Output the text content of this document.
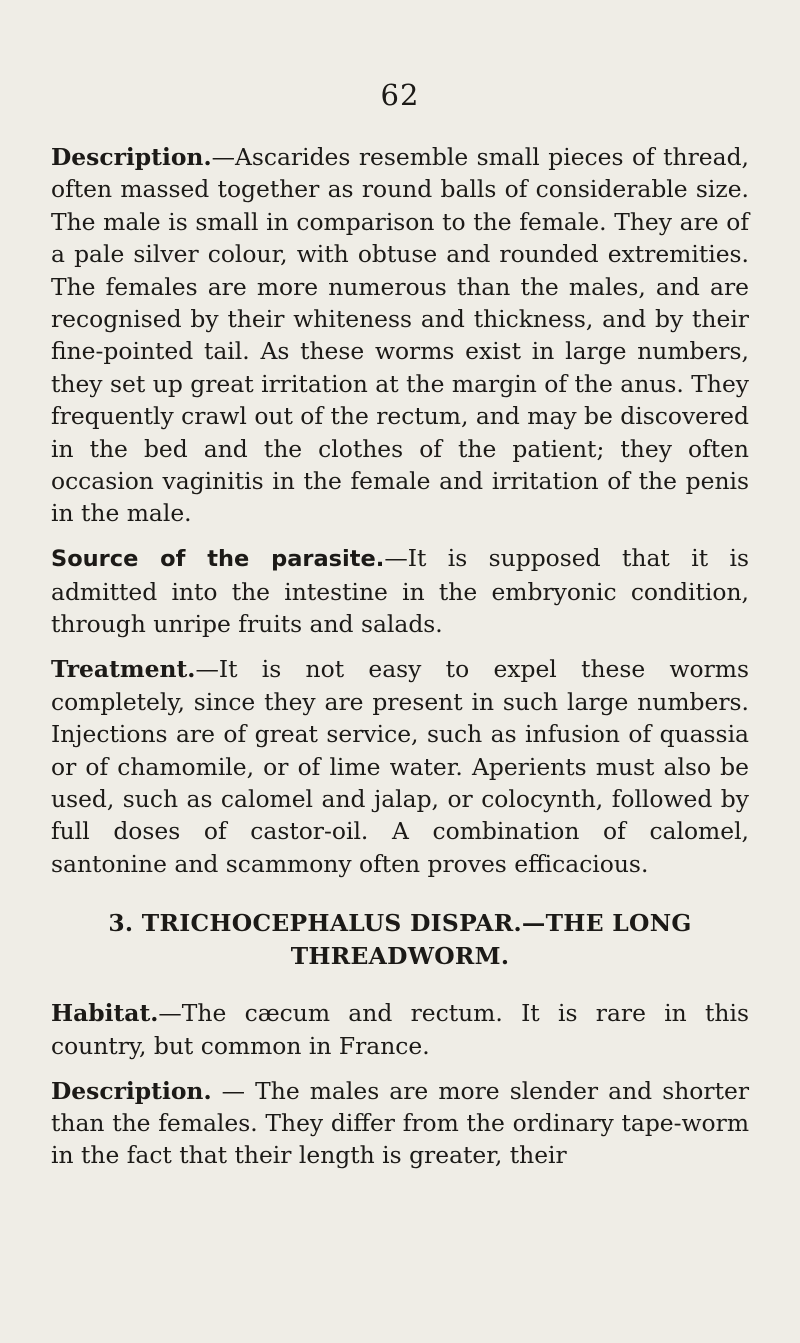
62

Description.—Ascarides resemble small pieces of thread, often massed together as round balls of considerable size. The male is small in comparison to the female. They are of a pale silver colour, with obtuse and rounded extremities. The females are more numerous than the males, and are recognised by their whiteness and thickness, and by their fine-pointed tail. As these worms exist in large numbers, they set up great irritation at the margin of the anus. They frequently crawl out of the rectum, and may be discovered in the bed and the clothes of the patient; they often occasion vaginitis in the female and irritation of the penis in the male.

Source of the parasite.—It is supposed that it is admitted into the intestine in the embryonic condition, through unripe fruits and salads.

Treatment.—It is not easy to expel these worms completely, since they are present in such large numbers. Injections are of great service, such as infusion of quassia or of chamomile, or of lime water. Aperients must also be used, such as calomel and jalap, or colocynth, followed by full doses of castor-oil. A combination of calomel, santonine and scammony often proves efficacious.

3. TRICHOCEPHALUS DISPAR.—THE LONG
THREADWORM.

Habitat.—The cæcum and rectum. It is rare in this country, but common in France.

Description. — The males are more slender and shorter than the females. They differ from the ordinary tape-worm in the fact that their length is greater, their
